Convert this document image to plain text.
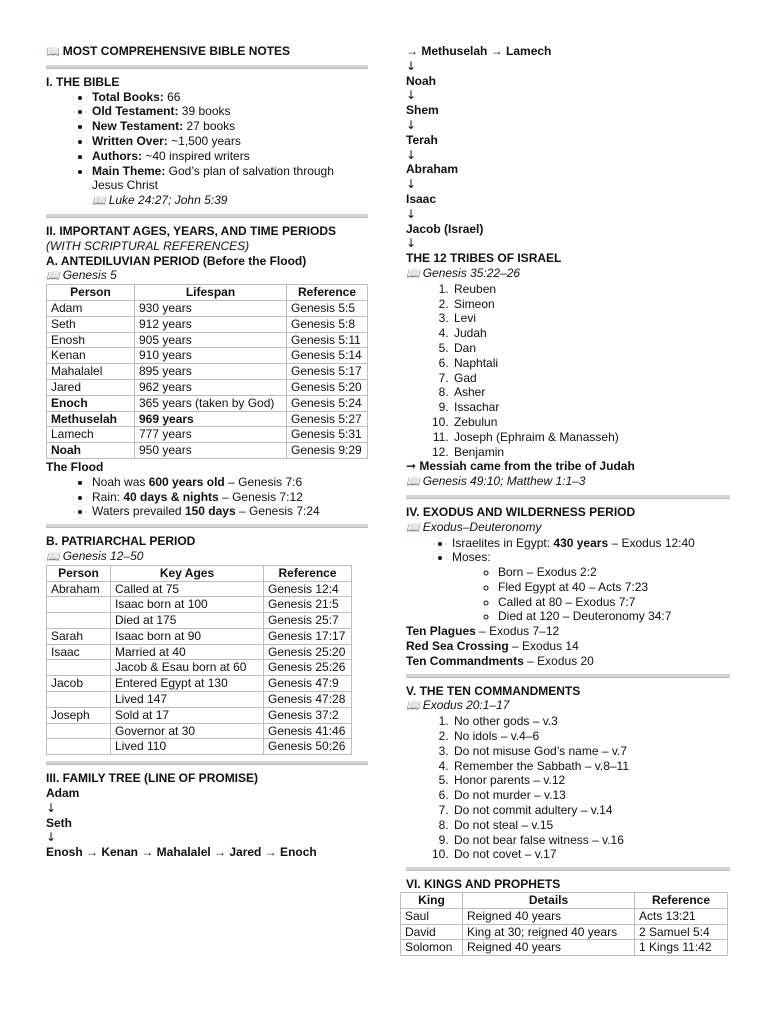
📖 MOST COMPREHENSIVE BIBLE NOTES
I. THE BIBLE
• Total Books: 66
• Old Testament: 39 books
• New Testament: 27 books
• Written Over: ~1,500 years
• Authors: ~40 inspired writers
• Main Theme: God’s plan of salvation through Jesus Christ
📖 Luke 24:27; John 5:39
II. IMPORTANT AGES, YEARS, AND TIME PERIODS
(WITH SCRIPTURAL REFERENCES)
A. ANTEDILUVIAN PERIOD (Before the Flood)
📖 Genesis 5
Person	Lifespan	Reference
Adam	930 years	Genesis 5:5
Seth	912 years	Genesis 5:8
Enosh	905 years	Genesis 5:11
Kenan	910 years	Genesis 5:14
Mahalalel	895 years	Genesis 5:17
Jared	962 years	Genesis 5:20
Enoch	365 years (taken by God)	Genesis 5:24
Methuselah	969 years	Genesis 5:27
Lamech	777 years	Genesis 5:31
Noah	950 years	Genesis 9:29
The Flood
• Noah was 600 years old – Genesis 7:6
• Rain: 40 days & nights – Genesis 7:12
• Waters prevailed 150 days – Genesis 7:24
B. PATRIARCHAL PERIOD
📖 Genesis 12–50
Person	Key Ages	Reference
Abraham	Called at 75	Genesis 12:4
	Isaac born at 100	Genesis 21:5
	Died at 175	Genesis 25:7
Sarah	Isaac born at 90	Genesis 17:17
Isaac	Married at 40	Genesis 25:20
	Jacob & Esau born at 60	Genesis 25:26
Jacob	Entered Egypt at 130	Genesis 47:9
	Lived 147	Genesis 47:28
Joseph	Sold at 17	Genesis 37:2
	Governor at 30	Genesis 41:46
	Lived 110	Genesis 50:26
III. FAMILY TREE (LINE OF PROMISE)
Adam
↓
Seth
↓
Enosh → Kenan → Mahalalel → Jared → Enoch
→ Methuselah → Lamech
↓
Noah
↓
Shem
↓
Terah
↓
Abraham
↓
Isaac
↓
Jacob (Israel)
↓
THE 12 TRIBES OF ISRAEL
📖 Genesis 35:22–26
1. Reuben
2. Simeon
3. Levi
4. Judah
5. Dan
6. Naphtali
7. Gad
8. Asher
9. Issachar
10. Zebulun
11. Joseph (Ephraim & Manasseh)
12. Benjamin
➞ Messiah came from the tribe of Judah
📖 Genesis 49:10; Matthew 1:1–3
IV. EXODUS AND WILDERNESS PERIOD
📖 Exodus–Deuteronomy
• Israelites in Egypt: 430 years – Exodus 12:40
• Moses:
◦ Born – Exodus 2:2
◦ Fled Egypt at 40 – Acts 7:23
◦ Called at 80 – Exodus 7:7
◦ Died at 120 – Deuteronomy 34:7
Ten Plagues – Exodus 7–12
Red Sea Crossing – Exodus 14
Ten Commandments – Exodus 20
V. THE TEN COMMANDMENTS
📖 Exodus 20:1–17
1. No other gods – v.3
2. No idols – v.4–6
3. Do not misuse God’s name – v.7
4. Remember the Sabbath – v.8–11
5. Honor parents – v.12
6. Do not murder – v.13
7. Do not commit adultery – v.14
8. Do not steal – v.15
9. Do not bear false witness – v.16
10. Do not covet – v.17
VI. KINGS AND PROPHETS
King	Details	Reference
Saul	Reigned 40 years	Acts 13:21
David	King at 30; reigned 40 years	2 Samuel 5:4
Solomon	Reigned 40 years	1 Kings 11:42
